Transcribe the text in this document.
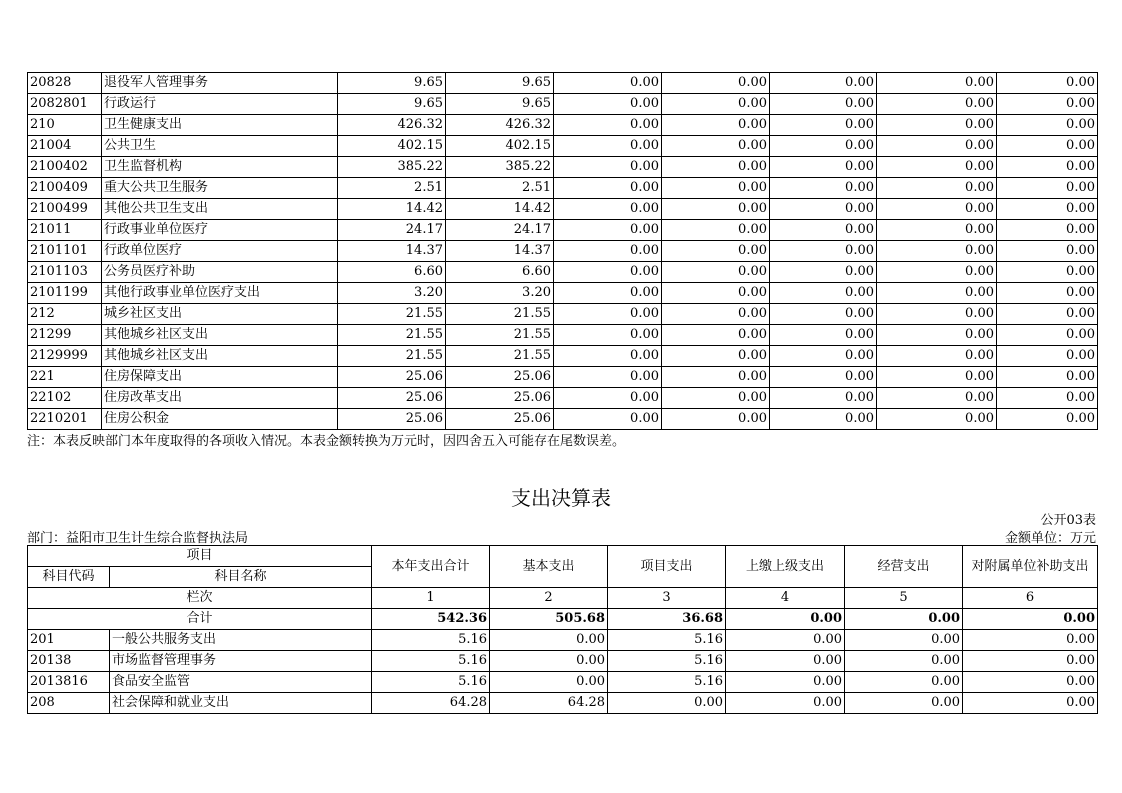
20828	退役军人管理事务	9.65	9.65	0.00	0.00	0.00	0.00	0.00
2082801	行政运行	9.65	9.65	0.00	0.00	0.00	0.00	0.00
210	卫生健康支出	426.32	426.32	0.00	0.00	0.00	0.00	0.00
21004	公共卫生	402.15	402.15	0.00	0.00	0.00	0.00	0.00
2100402	卫生监督机构	385.22	385.22	0.00	0.00	0.00	0.00	0.00
2100409	重大公共卫生服务	2.51	2.51	0.00	0.00	0.00	0.00	0.00
2100499	其他公共卫生支出	14.42	14.42	0.00	0.00	0.00	0.00	0.00
21011	行政事业单位医疗	24.17	24.17	0.00	0.00	0.00	0.00	0.00
2101101	行政单位医疗	14.37	14.37	0.00	0.00	0.00	0.00	0.00
2101103	公务员医疗补助	6.60	6.60	0.00	0.00	0.00	0.00	0.00
2101199	其他行政事业单位医疗支出	3.20	3.20	0.00	0.00	0.00	0.00	0.00
212	城乡社区支出	21.55	21.55	0.00	0.00	0.00	0.00	0.00
21299	其他城乡社区支出	21.55	21.55	0.00	0.00	0.00	0.00	0.00
2129999	其他城乡社区支出	21.55	21.55	0.00	0.00	0.00	0.00	0.00
221	住房保障支出	25.06	25.06	0.00	0.00	0.00	0.00	0.00
22102	住房改革支出	25.06	25.06	0.00	0.00	0.00	0.00	0.00
2210201	住房公积金	25.06	25.06	0.00	0.00	0.00	0.00	0.00
注：本表反映部门本年度取得的各项收入情况。本表金额转换为万元时，因四舍五入可能存在尾数误差。
支出决算表
公开03表
部门：益阳市卫生计生综合监督执法局	金额单位：万元
项目		本年支出合计	基本支出	项目支出	上缴上级支出	经营支出	对附属单位补助支出
科目代码	科目名称						
栏次		1	2	3	4	5	6
合计		542.36	505.68	36.68	0.00	0.00	0.00
201	一般公共服务支出	5.16	0.00	5.16	0.00	0.00	0.00
20138	市场监督管理事务	5.16	0.00	5.16	0.00	0.00	0.00
2013816	食品安全监管	5.16	0.00	5.16	0.00	0.00	0.00
208	社会保障和就业支出	64.28	64.28	0.00	0.00	0.00	0.00
